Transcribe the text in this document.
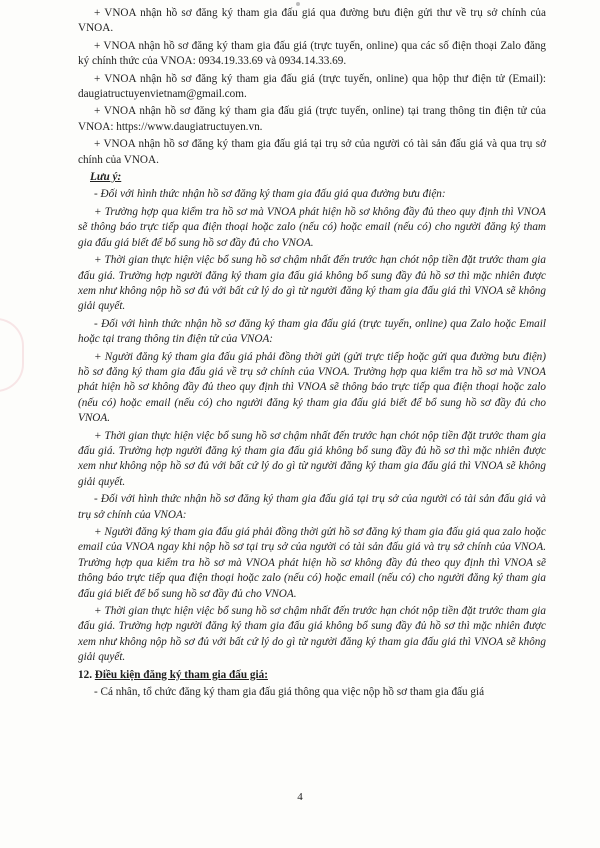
+ VNOA nhận hồ sơ đăng ký tham gia đấu giá qua đường bưu điện gửi thư về trụ sở chính của VNOA.

+ VNOA nhận hồ sơ đăng ký tham gia đấu giá (trực tuyến, online) qua các số điện thoại Zalo đăng ký chính thức của VNOA: 0934.19.33.69 và 0934.14.33.69.

+ VNOA nhận hồ sơ đăng ký tham gia đấu giá (trực tuyến, online) qua hộp thư điện tử (Email): daugiatructuyenvietnam@gmail.com.

+ VNOA nhận hồ sơ đăng ký tham gia đấu giá (trực tuyến, online) tại trang thông tin điện tử của VNOA: https://www.daugiatructuyen.vn.

+ VNOA nhận hồ sơ đăng ký tham gia đấu giá tại trụ sở của người có tài sản đấu giá và qua trụ sở chính của VNOA.

Lưu ý:

- Đối với hình thức nhận hồ sơ đăng ký tham gia đấu giá qua đường bưu điện:

+ Trường hợp qua kiểm tra hồ sơ mà VNOA phát hiện hồ sơ không đầy đủ theo quy định thì VNOA sẽ thông báo trực tiếp qua điện thoại hoặc zalo (nếu có) hoặc email (nếu có) cho người đăng ký tham gia đấu giá biết để bổ sung hồ sơ đầy đủ cho VNOA.

+ Thời gian thực hiện việc bổ sung hồ sơ chậm nhất đến trước hạn chót nộp tiền đặt trước tham gia đấu giá. Trường hợp người đăng ký tham gia đấu giá không bổ sung đầy đủ hồ sơ thì mặc nhiên được xem như không nộp hồ sơ đủ với bất cứ lý do gì từ người đăng ký tham gia đấu giá thì VNOA sẽ không giải quyết.

- Đối với hình thức nhận hồ sơ đăng ký tham gia đấu giá (trực tuyến, online) qua Zalo hoặc Email hoặc tại trang thông tin điện tử của VNOA:

+ Người đăng ký tham gia đấu giá phải đồng thời gửi (gửi trực tiếp hoặc gửi qua đường bưu điện) hồ sơ đăng ký tham gia đấu giá về trụ sở chính của VNOA. Trường hợp qua kiểm tra hồ sơ mà VNOA phát hiện hồ sơ không đầy đủ theo quy định thì VNOA sẽ thông báo trực tiếp qua điện thoại hoặc zalo (nếu có) hoặc email (nếu có) cho người đăng ký tham gia đấu giá biết để bổ sung hồ sơ đầy đủ cho VNOA.

+ Thời gian thực hiện việc bổ sung hồ sơ chậm nhất đến trước hạn chót nộp tiền đặt trước tham gia đấu giá. Trường hợp người đăng ký tham gia đấu giá không bổ sung đầy đủ hồ sơ thì mặc nhiên được xem như không nộp hồ sơ đủ với bất cứ lý do gì từ người đăng ký tham gia đấu giá thì VNOA sẽ không giải quyết.

- Đối với hình thức nhận hồ sơ đăng ký tham gia đấu giá tại trụ sở của người có tài sản đấu giá và trụ sở chính của VNOA:

+ Người đăng ký tham gia đấu giá phải đồng thời gửi hồ sơ đăng ký tham gia đấu giá qua zalo hoặc email của VNOA ngay khi nộp hồ sơ tại trụ sở của người có tài sản đấu giá và trụ sở chính của VNOA. Trường hợp qua kiểm tra hồ sơ mà VNOA phát hiện hồ sơ không đầy đủ theo quy định thì VNOA sẽ thông báo trực tiếp qua điện thoại hoặc zalo (nếu có) hoặc email (nếu có) cho người đăng ký tham gia đấu giá biết để bổ sung hồ sơ đầy đủ cho VNOA.

+ Thời gian thực hiện việc bổ sung hồ sơ chậm nhất đến trước hạn chót nộp tiền đặt trước tham gia đấu giá. Trường hợp người đăng ký tham gia đấu giá không bổ sung đầy đủ hồ sơ thì mặc nhiên được xem như không nộp hồ sơ đủ với bất cứ lý do gì từ người đăng ký tham gia đấu giá thì VNOA sẽ không giải quyết.

12. Điều kiện đăng ký tham gia đấu giá:

- Cá nhân, tổ chức đăng ký tham gia đấu giá thông qua việc nộp hồ sơ tham gia đấu giá

4
